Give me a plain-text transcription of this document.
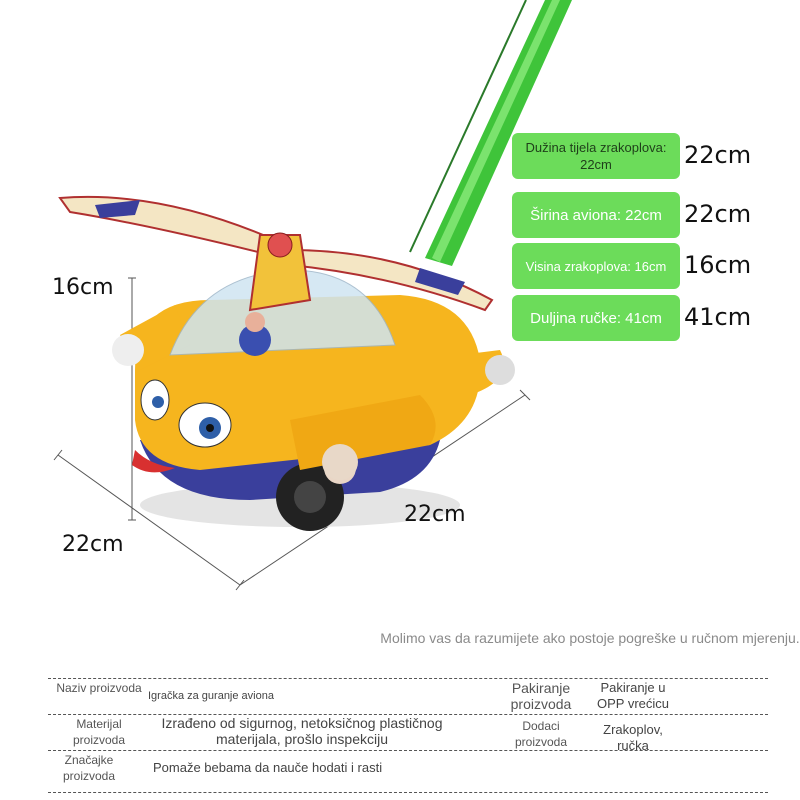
16cm
22cm
22cm
Dužina tijela zrakoplova: 22cm	22cm
Širina aviona: 22cm 22cm
Visina zrakoplova: 16cm 16cm
Duljina ručke: 41cm 41cm
Molimo vas da razumijete ako postoje pogreške u ručnom mjerenju.
Naziv proizvoda
Igračka za guranje aviona	Pakiranje proizvoda
Pakiranje u OPP vrećicu
Materijal proizvoda
Izrađeno od sigurnog, netoksičnog plastičnog materijala, prošlo inspekciju
Dodaci proizvoda
Zrakoplov, ručka
Značajke proizvoda
Pomaže bebama da nauče hodati i rasti
